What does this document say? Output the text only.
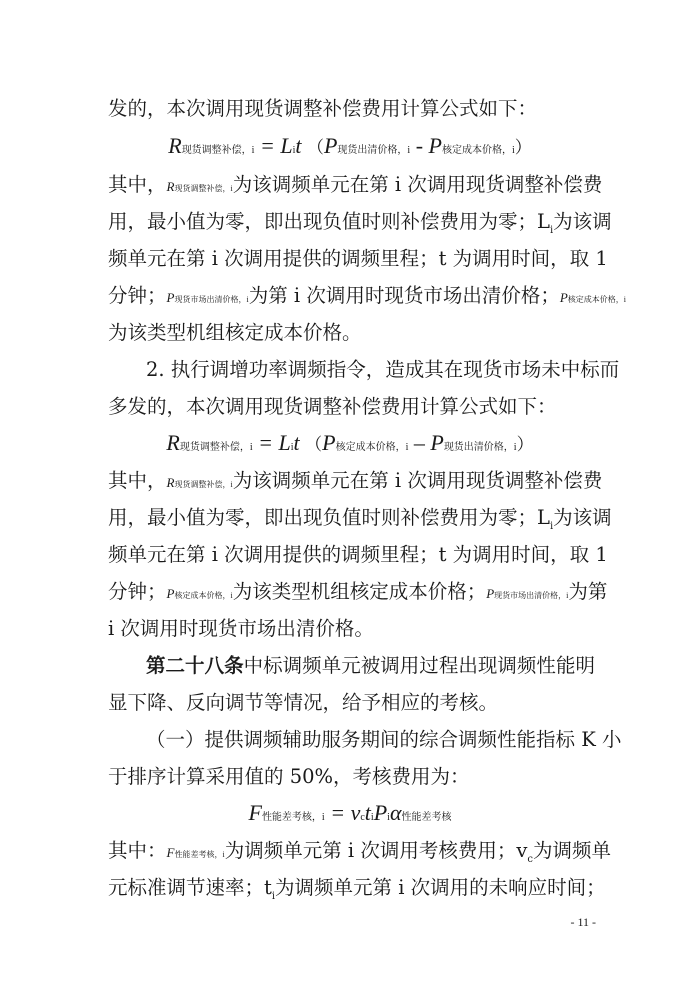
发的，本次调用现货调整补偿费用计算公式如下：
R现货调整补偿，i = Lit （P现货出清价格，i - P核定成本价格，i）
其中，R现货调整补偿，i为该调频单元在第 i 次调用现货调整补偿费
用，最小值为零，即出现负值时则补偿费用为零；$L_i$为该调
频单元在第 i 次调用提供的调频里程；t 为调用时间，取 1
分钟；P现货市场出清价格，i为第 i 次调用时现货市场出清价格；P核定成本价格，i
为该类型机组核定成本价格。
2. 执行调增功率调频指令，造成其在现货市场未中标而
多发的，本次调用现货调整补偿费用计算公式如下：
R现货调整补偿，i = Lit （P核定成本价格，i – P现货出清价格，i）
其中，R现货调整补偿，i为该调频单元在第 i 次调用现货调整补偿费
用，最小值为零，即出现负值时则补偿费用为零；$L_i$为该调
频单元在第 i 次调用提供的调频里程；t 为调用时间，取 1
分钟；P核定成本价格，i为该类型机组核定成本价格；P现货市场出清价格，i为第
i 次调用时现货市场出清价格。
第二十八条中标调频单元被调用过程出现调频性能明
显下降、反向调节等情况，给予相应的考核。
（一）提供调频辅助服务期间的综合调频性能指标 K 小
于排序计算采用值的 50%，考核费用为：
F性能差考核，i = vctiPiα性能差考核
其中：F性能差考核，i为调频单元第 i 次调用考核费用；$v_c$为调频单
元标准调节速率；$t_i$为调频单元第 i 次调用的未响应时间；
- 11 -
